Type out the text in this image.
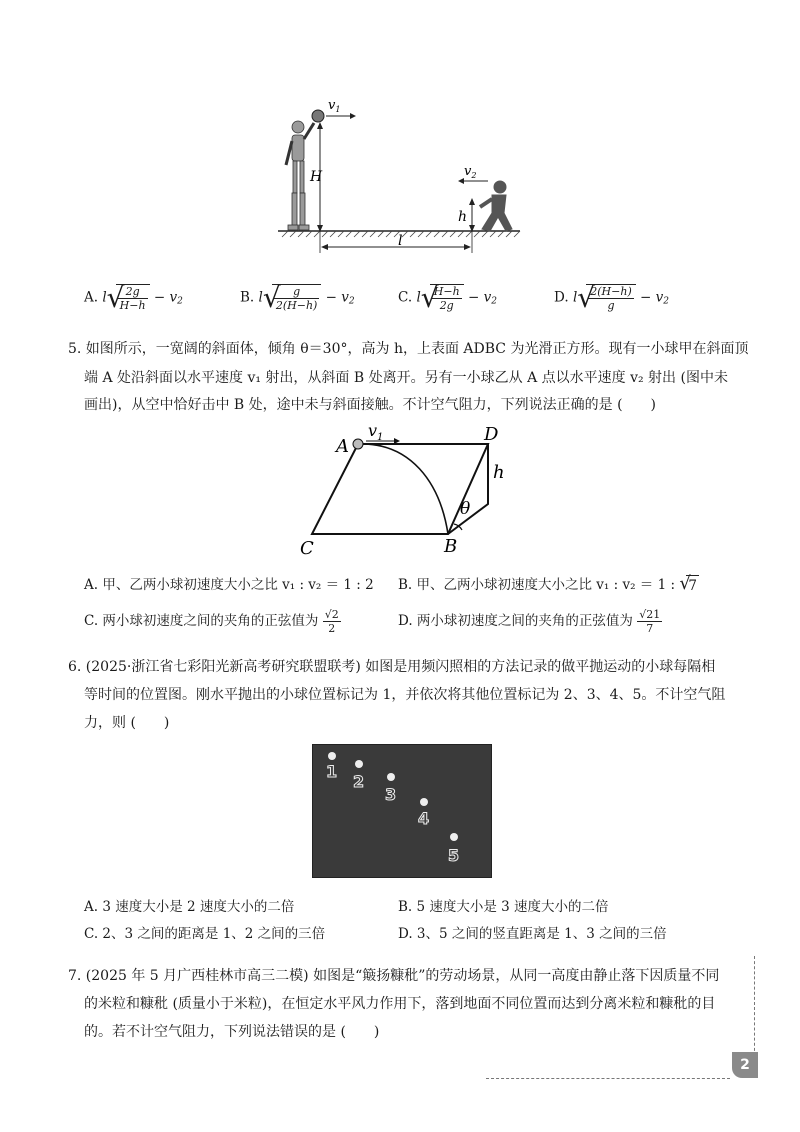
$v_1$
H	$v_2$
h
l
A. l √
$\frac{2g}{H-h} - v_2$	B. l √
$\frac{g}{2(H-h)} - v_2$	C. l √
$\frac{H-h}{2g} - v_2$	D. l √
$\frac{2(H-h)}{g} - v_2$
5. 如图所示，一宽阔的斜面体，倾角 θ＝30°，高为 h，上表面 ADBC 为光滑正方形。现有一小球甲在斜面顶
端 A 处沿斜面以水平速度 v₁ 射出，从斜面 B 处离开。另有一小球乙从 A 点以水平速度 v₂ 射出 (图中未
画出)，从空中恰好击中 B 处，途中未与斜面接触。不计空气阻力，下列说法正确的是 (　　)
A
D
$v_1$
h
θ
B
C
A. 甲、乙两小球初速度大小之比 v₁ : v₂ ＝ 1 : 2 B. 甲、乙两小球初速度大小之比 v₁ : v₂ ＝ 1 : √
7
C. 两小球初速度之间的夹角的正弦值为 $\frac{√2}{2}$	D. 两小球初速度之间的夹角的正弦值为 $\frac{√21}{7}$
6. (2025·浙江省七彩阳光新高考研究联盟联考) 如图是用频闪照相的方法记录的做平抛运动的小球每隔相
等时间的位置图。刚水平抛出的小球位置标记为 1，并依次将其他位置标记为 2、3、4、5。不计空气阻
力，则 (　　)
1
2
3
4
5
A. 3 速度大小是 2 速度大小的二倍	B. 5 速度大小是 3 速度大小的二倍
C. 2、3 之间的距离是 1、2 之间的三倍	D. 3、5 之间的竖直距离是 1、3 之间的三倍
7. (2025 年 5 月广西桂林市高三二模) 如图是“簸扬糠秕”的劳动场景，从同一高度由静止落下因质量不同
的米粒和糠秕 (质量小于米粒)，在恒定水平风力作用下，落到地面不同位置而达到分离米粒和糠秕的目
的。若不计空气阻力，下列说法错误的是 (　　)
2
